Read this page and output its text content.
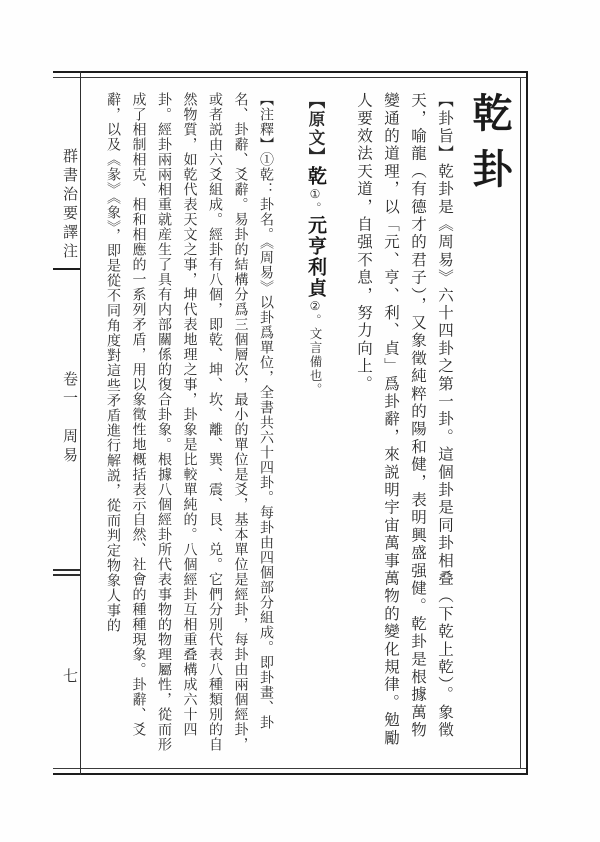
群書治要譯注
卷一　周易
七
乾卦

【卦旨】乾卦是《周易》六十四卦之第一卦。這個卦是同卦相叠（下乾上乾）。象徵天，喻龍（有德才的君子），又象徵純粹的陽和健，表明興盛强健。乾卦是根據萬物變通的道理，以「元、亨、利、貞」爲卦辭，來説明宇宙萬事萬物的變化規律。勉勵人要效法天道，自强不息，努力向上。

【原文】乾①。元亨利貞②。文言備也。

【注釋】①乾：卦名。《周易》以卦爲單位，全書共六十四卦。每卦由四個部分組成。即卦畫、卦名、卦辭、爻辭。易卦的結構分爲三個層次，最小的單位是爻，基本單位是經卦，每卦由兩個經卦，或者説由六爻組成。經卦有八個，即乾、坤、坎、離、巽、震、艮、兑。它們分別代表八種類別的自然物質，如乾代表天文之事，坤代表地理之事，卦象是比較單純的。八個經卦互相重叠構成六十四卦。經卦兩兩相重就産生了具有内部關係的復合卦象。根據八個經卦所代表事物的物理屬性，從而形成了相制相克、相和相應的一系列矛盾，用以象徵性地概括表示自然、社會的種種現象。卦辭、爻辭，以及《彖》《象》，即是從不同角度對這些矛盾進行解説，從而判定物象人事的
